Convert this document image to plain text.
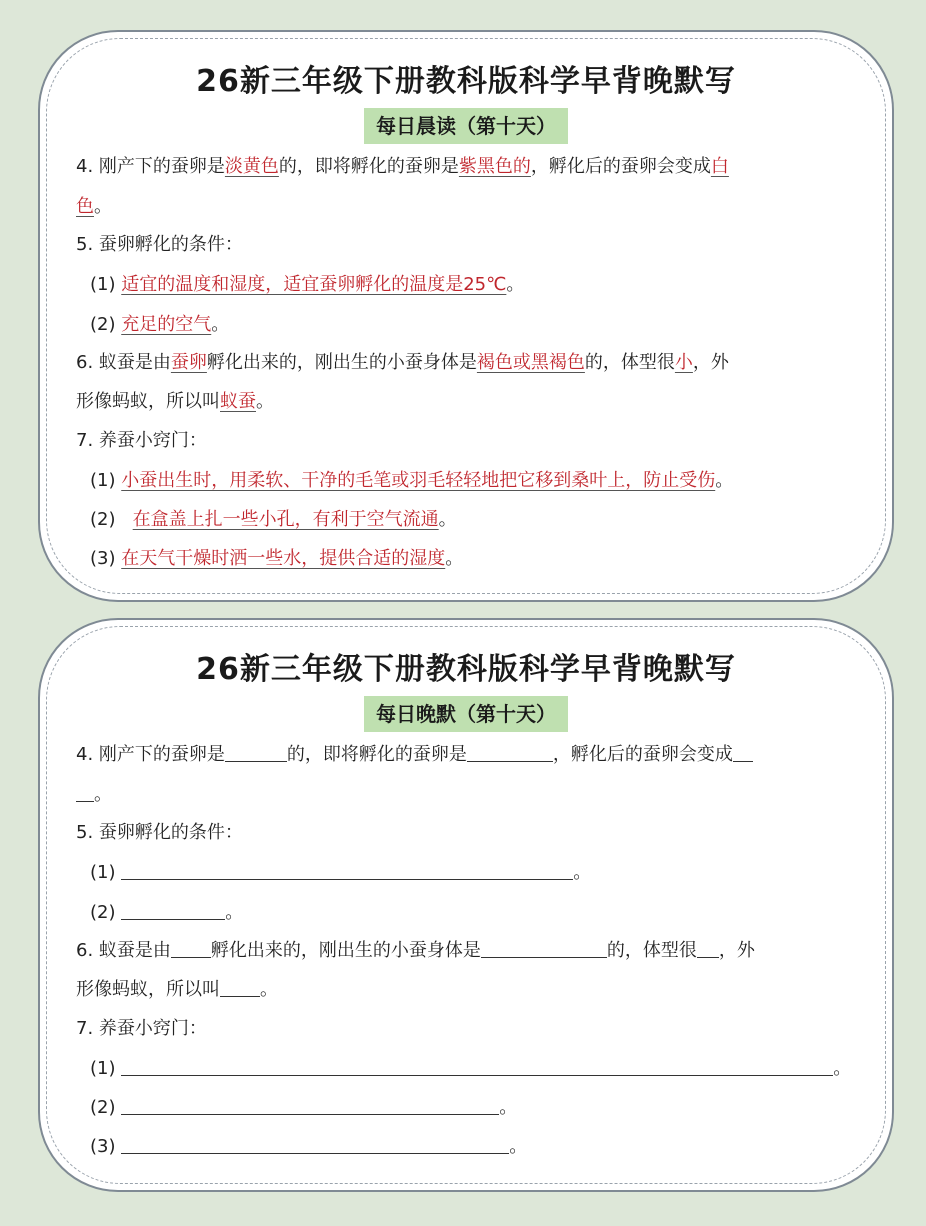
26新三年级下册教科版科学早背晚默写
每日晨读（第十天）
4. 刚产下的蚕卵是淡黄色的，即将孵化的蚕卵是紫黑色的，孵化后的蚕卵会变成白
色。
5. 蚕卵孵化的条件：
(1) 适宜的温度和湿度，适宜蚕卵孵化的温度是25℃。
(2) 充足的空气。
6. 蚁蚕是由蚕卵孵化出来的，刚出生的小蚕身体是褐色或黑褐色的，体型很小，外
形像蚂蚁，所以叫蚁蚕。
7. 养蚕小窍门：
(1) 小蚕出生时，用柔软、干净的毛笔或羽毛轻轻地把它移到桑叶上，防止受伤。
(2) 在盒盖上扎一些小孔，有利于空气流通。
(3) 在天气干燥时洒一些水，提供合适的湿度。
26新三年级下册教科版科学早背晚默写
每日晚默（第十天）
4. 刚产下的蚕卵是	的，即将孵化的蚕卵是	，孵化后的蚕卵会变成
。
5. 蚕卵孵化的条件：
(1)	。
(2)	。
6. 蚁蚕是由 孵化出来的，刚出生的小蚕身体是	的，体型很 ，外
形像蚂蚁，所以叫 。
7. 养蚕小窍门：
(1)	。
(2)	。
(3)	。
